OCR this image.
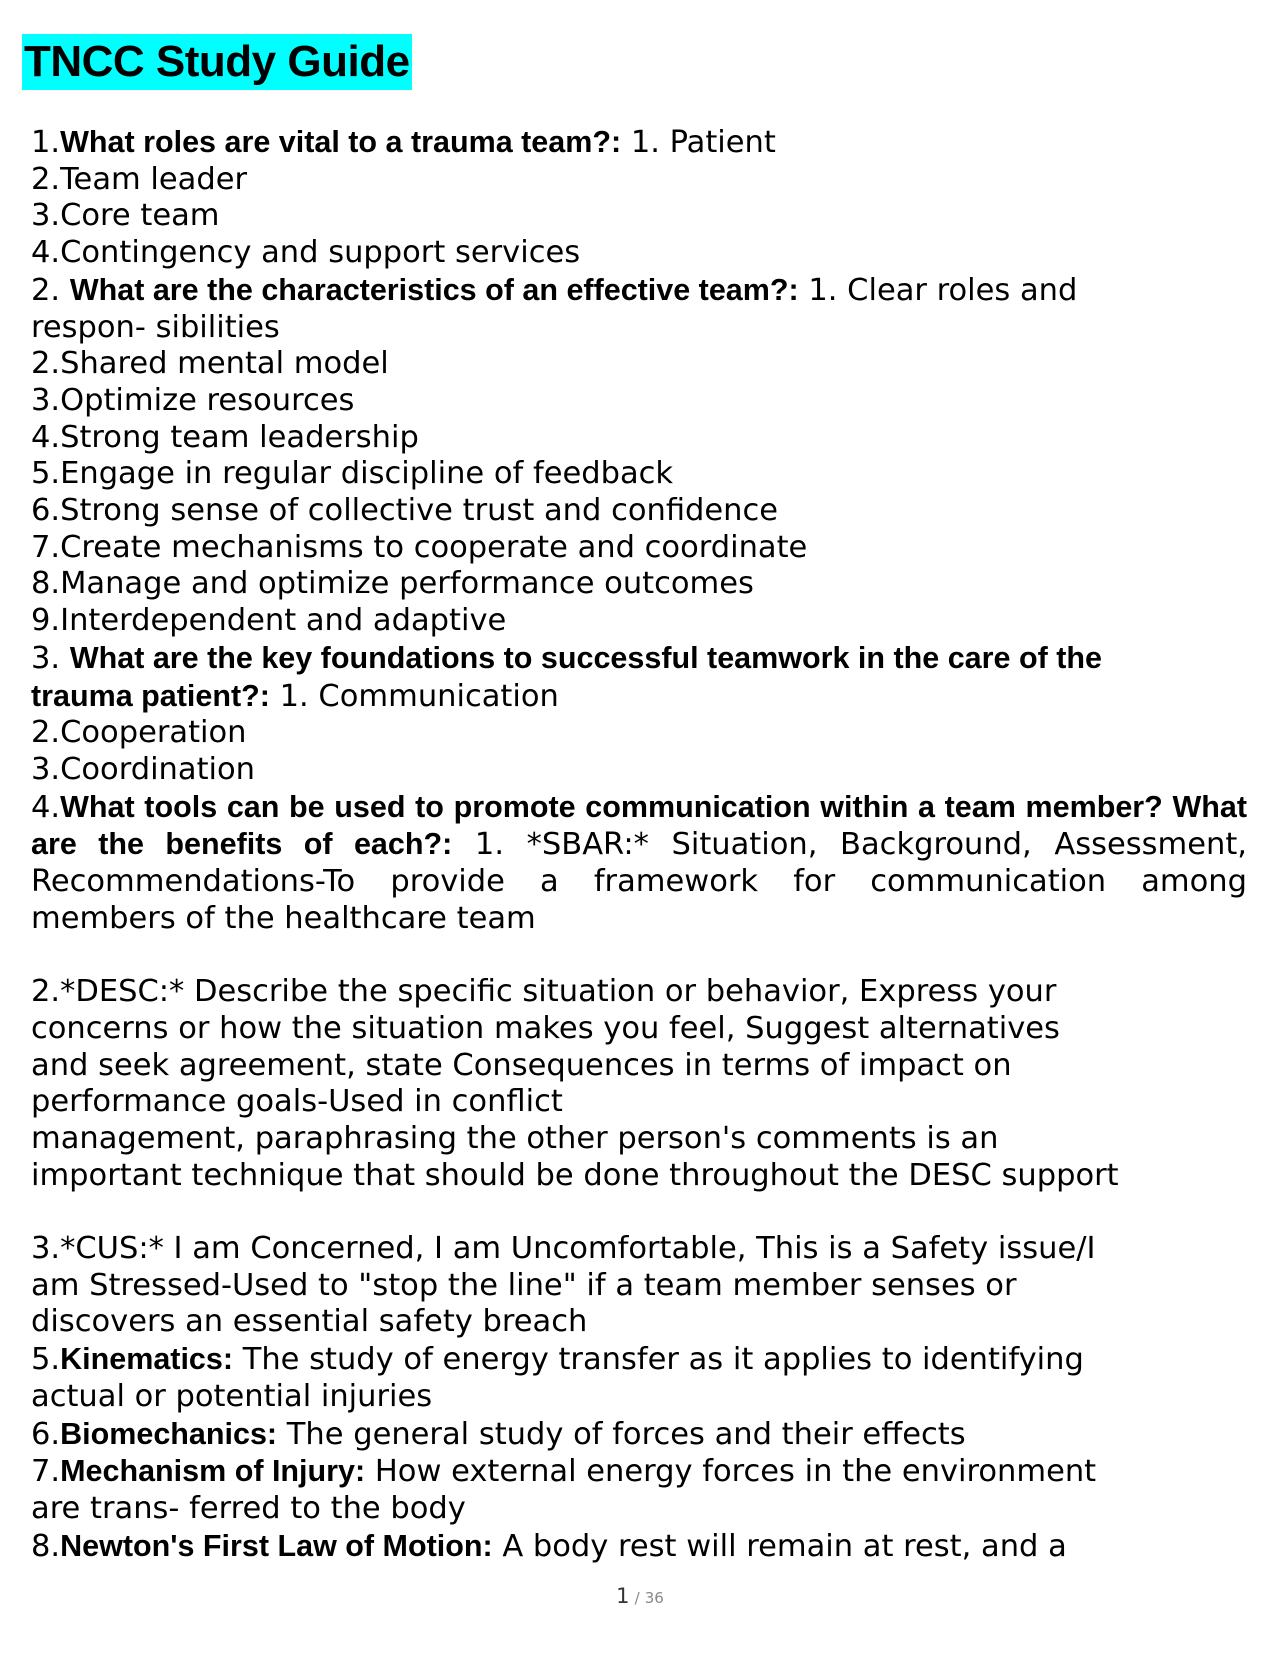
TNCC Study Guide

1.What roles are vital to a trauma team?: 1. Patient

2.Team leader

3.Core team

4.Contingency and support services

2. What are the characteristics of an effective team?: 1. Clear roles and

respon- sibilities

2.Shared mental model

3.Optimize resources

4.Strong team leadership

5.Engage in regular discipline of feedback

6.Strong sense of collective trust and confidence

7.Create mechanisms to cooperate and coordinate

8.Manage and optimize performance outcomes

9.Interdependent and adaptive

3. What are the key foundations to successful teamwork in the care of the

trauma patient?: 1. Communication

2.Cooperation

3.Coordination

4.What tools can be used to promote communication within a team member? What are the benefits of each?: 1. *SBAR:* Situation, Background, Assessment, Recommendations-To provide a framework for communication among members of the healthcare team

2.*DESC:* Describe the specific situation or behavior, Express your

concerns or how the situation makes you feel, Suggest alternatives

and seek agreement, state Consequences in terms of impact on

performance goals-Used in conflict

management, paraphrasing the other person's comments is an

important technique that should be done throughout the DESC support

3.*CUS:* I am Concerned, I am Uncomfortable, This is a Safety issue/I

am Stressed-Used to "stop the line" if a team member senses or

discovers an essential safety breach

5.Kinematics: The study of energy transfer as it applies to identifying

actual or potential injuries

6.Biomechanics: The general study of forces and their effects

7.Mechanism of Injury: How external energy forces in the environment

are trans- ferred to the body

8.Newton's First Law of Motion: A body rest will remain at rest, and a

1 / 36
